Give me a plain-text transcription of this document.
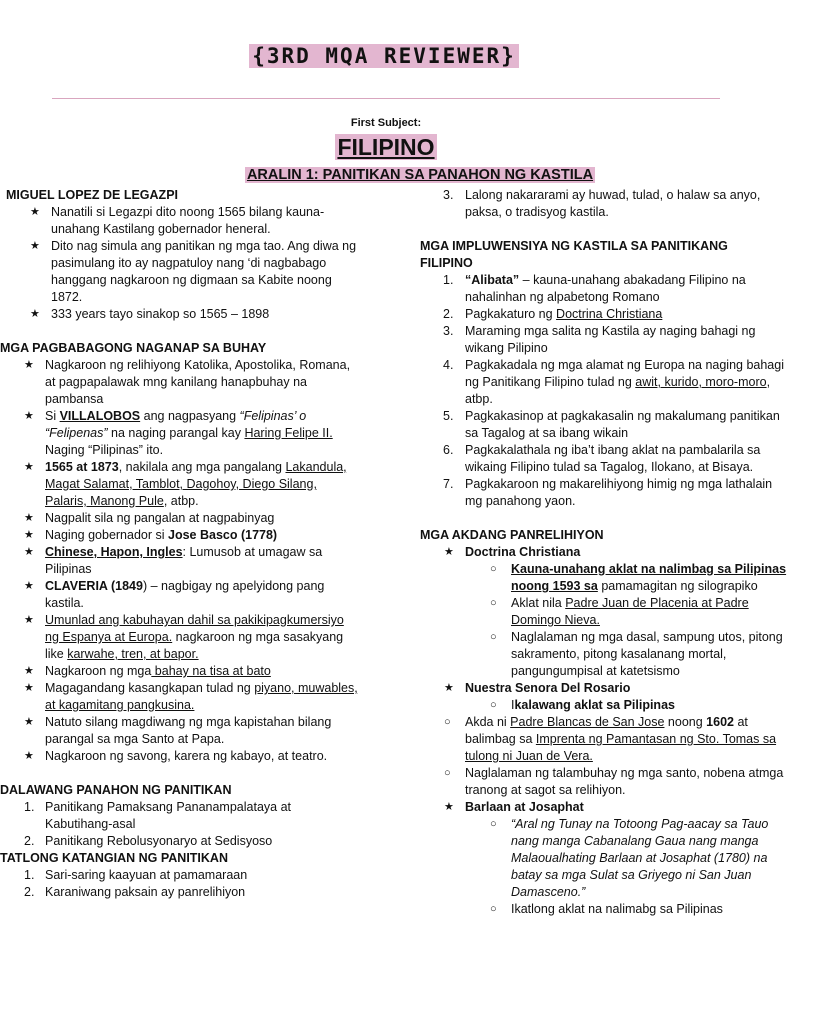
{3RD MQA REVIEWER}
First Subject:
FILIPINO
ARALIN 1: PANITIKAN SA PANAHON NG KASTILA

MIGUEL LOPEZ DE LEGAZPI

★ Nanatili si Legazpi dito noong 1565 bilang kauna-unahang Kastilang gobernador heneral.
★ Dito nag simula ang panitikan ng mga tao. Ang diwa ng pasimulang ito ay nagpatuloy nang ‘di nagbabago hanggang nagkaroon ng digmaan sa Kabite noong 1872.
★ 333 years tayo sinakop so 1565 – 1898

MGA PAGBABAGONG NAGANAP SA BUHAY

★ Nagkaroon ng relihiyong Katolika, Apostolika, Romana, at pagpapalawak mng kanilang hanapbuhay na pambansa
★ Si VILLALOBOS ang nagpasyang “Felipinas’ o “Felipenas” na naging parangal kay Haring Felipe II. Naging “Pilipinas” ito.
★ 1565 at 1873, nakilala ang mga pangalang Lakandula, Magat Salamat, Tamblot, Dagohoy, Diego Silang, Palaris, Manong Pule, atbp.
★ Nagpalit sila ng pangalan at nagpabinyag
★ Naging gobernador si Jose Basco (1778)
★ Chinese, Hapon, Ingles: Lumusob at umagaw sa Pilipinas
★ CLAVERIA (1849) – nagbigay ng apelyidong pang kastila.
★ Umunlad ang kabuhayan dahil sa pakikipagkumersiyo ng Espanya at Europa. nagkaroon ng mga sasakyang like karwahe, tren, at bapor.
★ Nagkaroon ng mga bahay na tisa at bato
★ Magagandang kasangkapan tulad ng piyano, muwables, at kagamitang pangkusina.
★ Natuto silang magdiwang ng mga kapistahan bilang parangal sa mga Santo at Papa.
★ Nagkaroon ng savong, karera ng kabayo, at teatro.

DALAWANG PANAHON NG PANITIKAN

1. Panitikang Pamaksang Pananampalataya at Kabutihang-asal
2. Panitikang Rebolusyonaryo at Sedisyoso

TATLONG KATANGIAN NG PANITIKAN

1. Sari-saring kaayuan at pamamaraan
2. Karaniwang paksain ay panrelihiyon
3. Lalong nakararami ay huwad, tulad, o halaw sa anyo, paksa, o tradisyog kastila.

MGA IMPLUWENSIYA NG KASTILA SA PANITIKANG FILIPINO

1. “Alibata” – kauna-unahang abakadang Filipino na nahalinhan ng alpabetong Romano
2. Pagkakaturo ng Doctrina Christiana
3. Maraming mga salita ng Kastila ay naging bahagi ng wikang Pilipino
4. Pagkakadala ng mga alamat ng Europa na naging bahagi ng Panitikang Filipino tulad ng awit, kurido, moro-moro, atbp.
5. Pagkakasinop at pagkakasalin ng makalumang panitikan sa Tagalog at sa ibang wikain
6. Pagkakalathala ng iba’t ibang aklat na pambalarila sa wikaing Filipino tulad sa Tagalog, Ilokano, at Bisaya.
7. Pagkakaroon ng makarelihiyong himig ng mga lathalain mg panahong yaon.

MGA AKDANG PANRELIHIYON

★ Doctrina Christiana
○ Kauna-unahang aklat na nalimbag sa Pilipinas noong 1593 sa pamamagitan ng silograpiko
○ Aklat nila Padre Juan de Placenia at Padre Domingo Nieva.
○ Naglalaman ng mga dasal, sampung utos, pitong sakramento, pitong kasalanang mortal, pangungumpisal at katetsismo
★ Nuestra Senora Del Rosario
○ Ikalawang aklat sa Pilipinas
○ Akda ni Padre Blancas de San Jose noong 1602 at balimbag sa Imprenta ng Pamantasan ng Sto. Tomas sa tulong ni Juan de Vera.
○ Naglalaman ng talambuhay ng mga santo, nobena atmga tranong at sagot sa relihiyon.
★ Barlaan at Josaphat
○ “Aral ng Tunay na Totoong Pag-aacay sa Tauo nang manga Cabanalang Gaua nang manga Malaoualhating Barlaan at Josaphat (1780) na batay sa mga Sulat sa Griyego ni San Juan Damasceno.”
○ Ikatlong aklat na nalimabg sa Pilipinas
